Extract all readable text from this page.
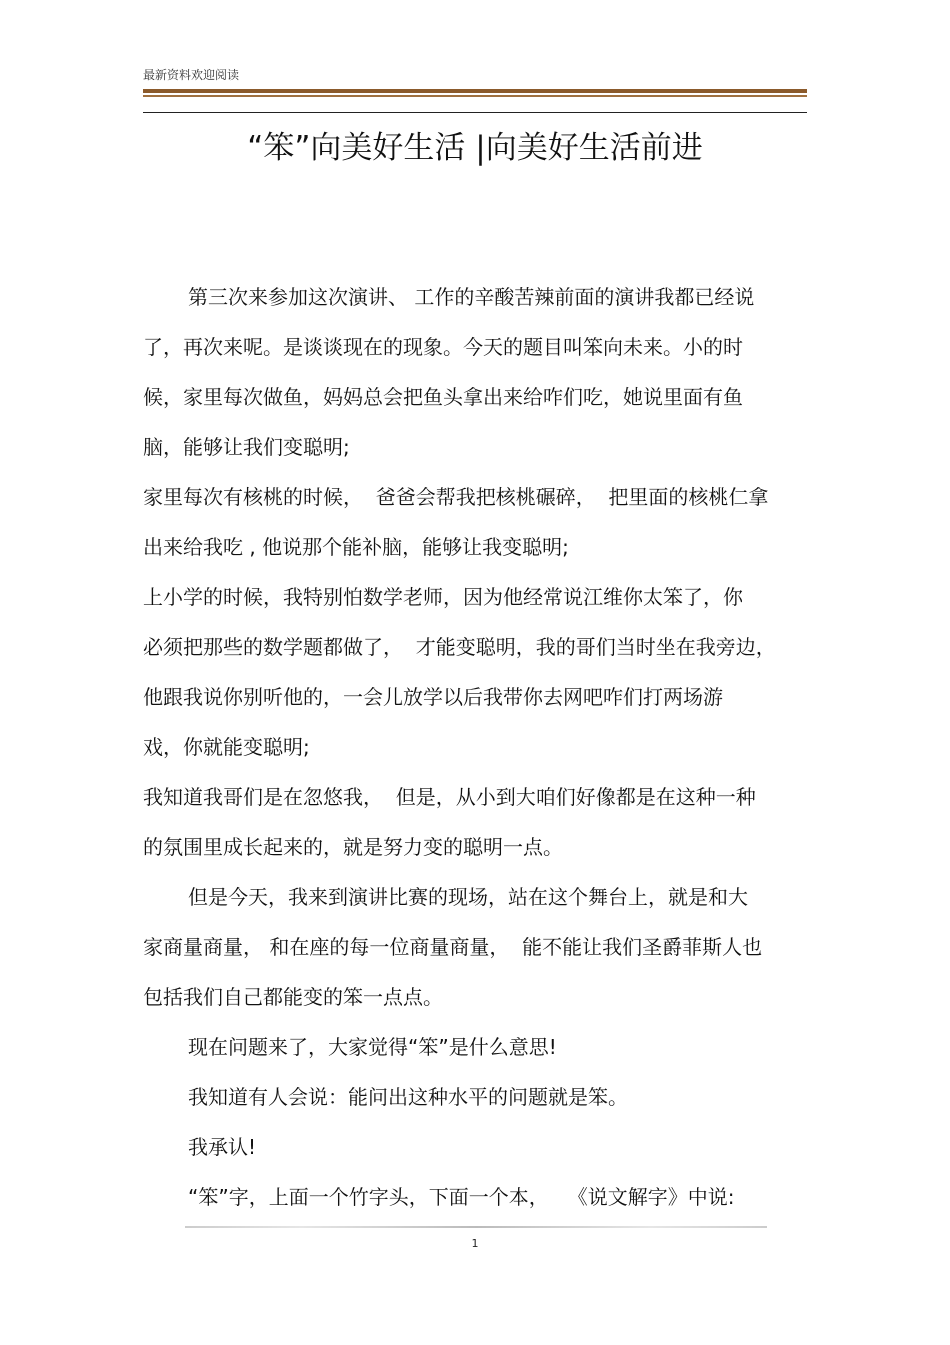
最新资料欢迎阅读
“笨”向美好生活 |向美好生活前进
第三次来参加这次演讲、 工作的辛酸苦辣前面的演讲我都已经说
了，再次来呢。是谈谈现在的现象。今天的题目叫笨向未来。小的时
候，家里每次做鱼，妈妈总会把鱼头拿出来给咋们吃，她说里面有鱼
脑，能够让我们变聪明;
家里每次有核桃的时候，  爸爸会帮我把核桃碾碎，  把里面的核桃仁拿
出来给我吃 , 他说那个能补脑，能够让我变聪明;
上小学的时候，我特别怕数学老师，因为他经常说江维你太笨了，你
必须把那些的数学题都做了，  才能变聪明，我的哥们当时坐在我旁边，
他跟我说你别听他的，一会儿放学以后我带你去网吧咋们打两场游
戏，你就能变聪明;
我知道我哥们是在忽悠我，  但是，从小到大咱们好像都是在这种一种
的氛围里成长起来的，就是努力变的聪明一点。
但是今天，我来到演讲比赛的现场，站在这个舞台上，就是和大
家商量商量， 和在座的每一位商量商量，  能不能让我们圣爵菲斯人也
包括我们自己都能变的笨一点点。
现在问题来了，大家觉得“笨”是什么意思!
我知道有人会说：能问出这种水平的问题就是笨。
我承认!
“笨”字，上面一个竹字头，下面一个本，   《说文解字》中说:
1
